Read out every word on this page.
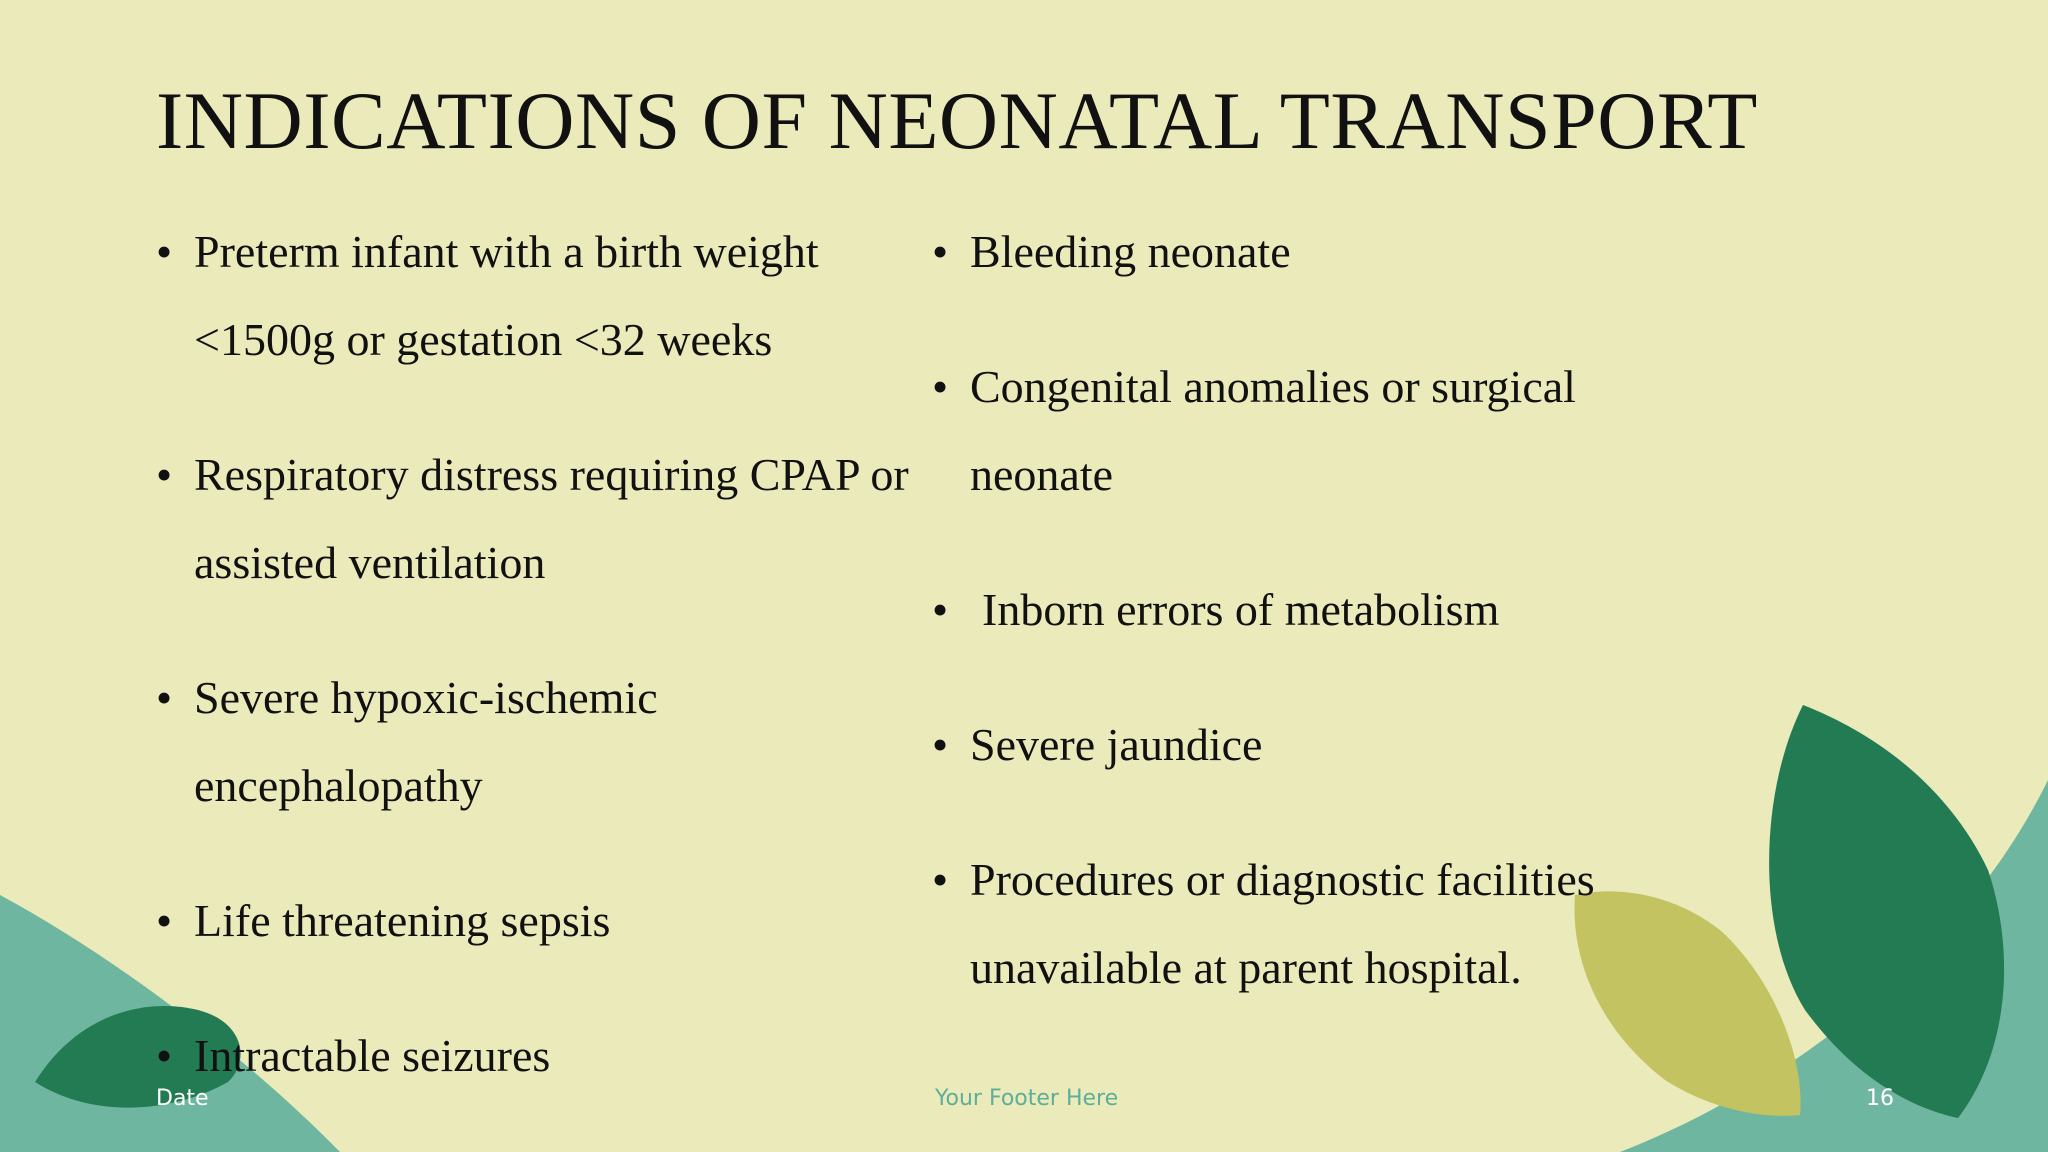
INDICATIONS OF NEONATAL TRANSPORT
• Preterm infant with a birth weight <1500g or gestation <32 weeks
• Respiratory distress requiring CPAP or assisted ventilation
• Severe hypoxic-ischemic encephalopathy
• Life threatening sepsis
• Intractable seizures
• Bleeding neonate
• Congenital anomalies or surgical neonate
• Inborn errors of metabolism
• Severe jaundice
• Procedures or diagnostic facilities unavailable at parent hospital.
Date	Your Footer Here	16
